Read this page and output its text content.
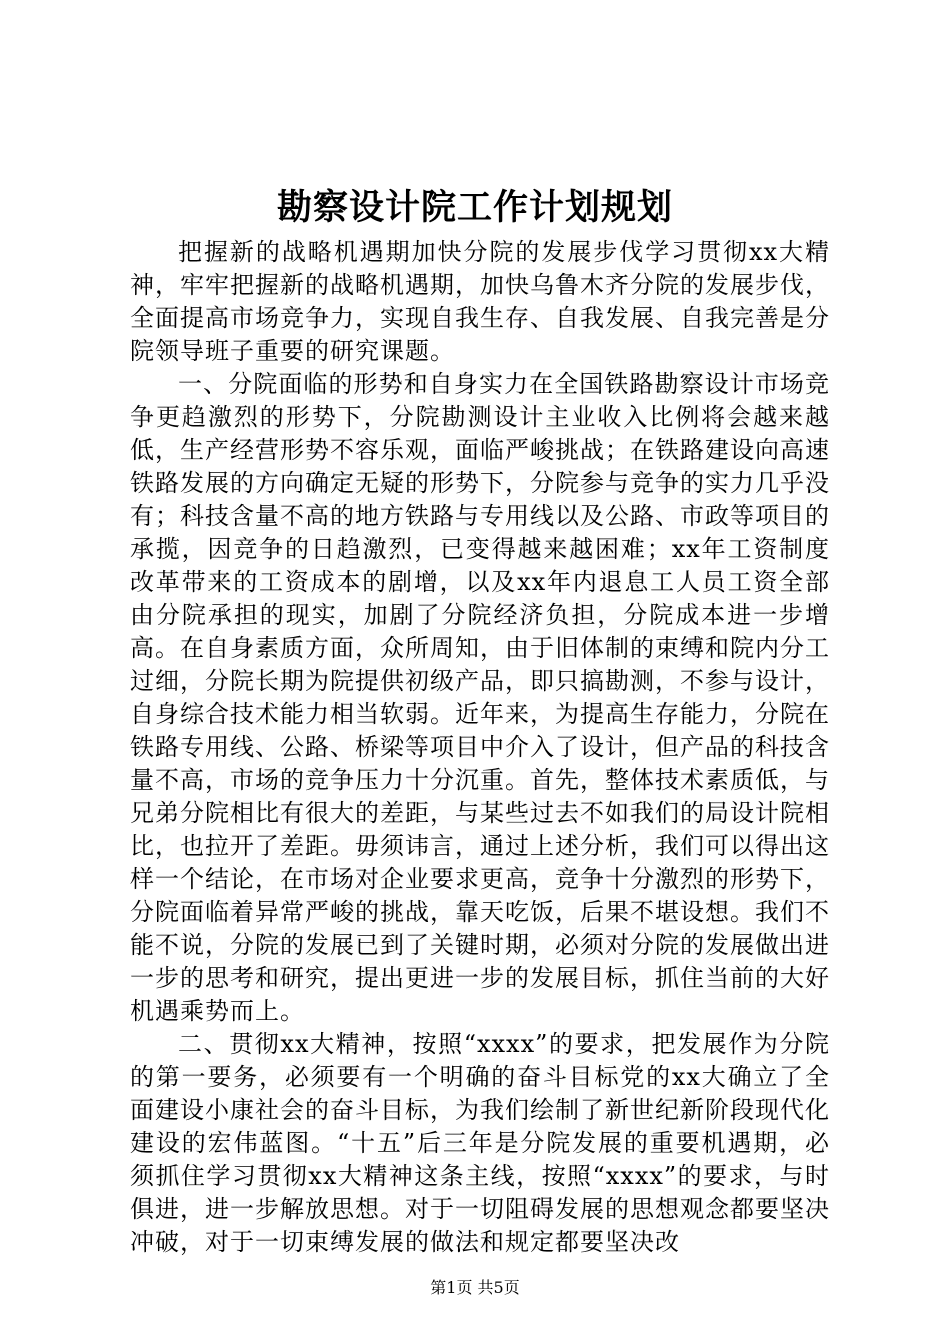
勘察设计院工作计划规划

把握新的战略机遇期加快分院的发展步伐学习贯彻xx大精神，牢牢把握新的战略机遇期，加快乌鲁木齐分院的发展步伐，全面提高市场竞争力，实现自我生存、自我发展、自我完善是分院领导班子重要的研究课题。

一、分院面临的形势和自身实力在全国铁路勘察设计市场竞争更趋激烈的形势下，分院勘测设计主业收入比例将会越来越低，生产经营形势不容乐观，面临严峻挑战；在铁路建设向高速铁路发展的方向确定无疑的形势下，分院参与竞争的实力几乎没有；科技含量不高的地方铁路与专用线以及公路、市政等项目的承揽，因竞争的日趋激烈，已变得越来越困难；xx年工资制度改革带来的工资成本的剧增，以及xx年内退息工人员工资全部由分院承担的现实，加剧了分院经济负担，分院成本进一步增高。在自身素质方面，众所周知，由于旧体制的束缚和院内分工过细，分院长期为院提供初级产品，即只搞勘测，不参与设计，自身综合技术能力相当软弱。近年来，为提高生存能力，分院在铁路专用线、公路、桥梁等项目中介入了设计，但产品的科技含量不高，市场的竞争压力十分沉重。首先，整体技术素质低，与兄弟分院相比有很大的差距，与某些过去不如我们的局设计院相比，也拉开了差距。毋须讳言，通过上述分析，我们可以得出这样一个结论，在市场对企业要求更高，竞争十分激烈的形势下，分院面临着异常严峻的挑战，靠天吃饭，后果不堪设想。我们不能不说，分院的发展已到了关键时期，必须对分院的发展做出进一步的思考和研究，提出更进一步的发展目标，抓住当前的大好机遇乘势而上。

二、贯彻xx大精神，按照“xxxx”的要求，把发展作为分院的第一要务，必须要有一个明确的奋斗目标党的xx大确立了全面建设小康社会的奋斗目标，为我们绘制了新世纪新阶段现代化建设的宏伟蓝图。“十五”后三年是分院发展的重要机遇期，必须抓住学习贯彻xx大精神这条主线，按照“xxxx”的要求，与时俱进，进一步解放思想。对于一切阻碍发展的思想观念都要坚决冲破，对于一切束缚发展的做法和规定都要坚决改

第1页 共5页
